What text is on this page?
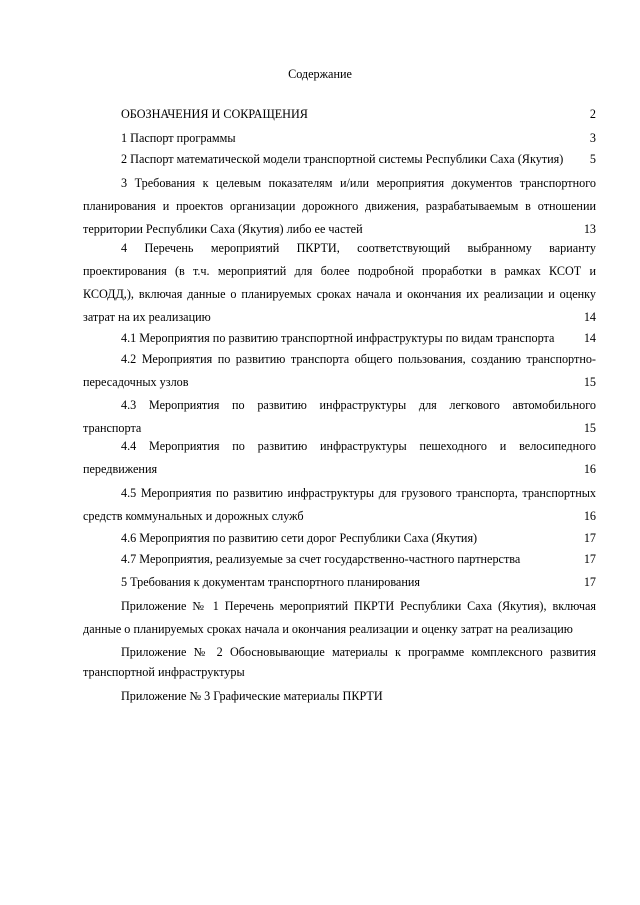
Содержание
ОБОЗНАЧЕНИЯ И СОКРАЩЕНИЯ	2
1 Паспорт программы	3
2 Паспорт математической модели транспортной системы Республики Саха (Якутия)	5
3 Требования к целевым показателям и/или мероприятия документов транспортного
планирования и проектов организации дорожного движения, разрабатываемым в отношении
территории Республики Саха (Якутия) либо ее частей	13
4 Перечень мероприятий ПКРТИ, соответствующий выбранному варианту
проектирования (в т.ч. мероприятий для более подробной проработки в рамках КСОТ и
КСОДД,), включая данные о планируемых сроках начала и окончания их реализации и оценку
затрат на их реализацию	14
4.1 Мероприятия по развитию транспортной инфраструктуры по видам транспорта	14
4.2 Мероприятия по развитию транспорта общего пользования, созданию транспортно-
пересадочных узлов	15
4.3 Мероприятия по развитию инфраструктуры для легкового автомобильного
транспорта	15
4.4 Мероприятия по развитию инфраструктуры пешеходного и велосипедного
передвижения	16
4.5 Мероприятия по развитию инфраструктуры для грузового транспорта, транспортных
средств коммунальных и дорожных служб	16
4.6 Мероприятия по развитию сети дорог Республики Саха (Якутия)	17
4.7 Мероприятия, реализуемые за счет государственно-частного партнерства	17
5 Требования к документам транспортного планирования	17
Приложение № 1 Перечень мероприятий ПКРТИ Республики Саха (Якутия), включая
данные о планируемых сроках начала и окончания реализации и оценку затрат на реализацию
Приложение № 2 Обосновывающие материалы к программе комплексного развития
транспортной инфраструктуры
Приложение № 3 Графические материалы ПКРТИ
